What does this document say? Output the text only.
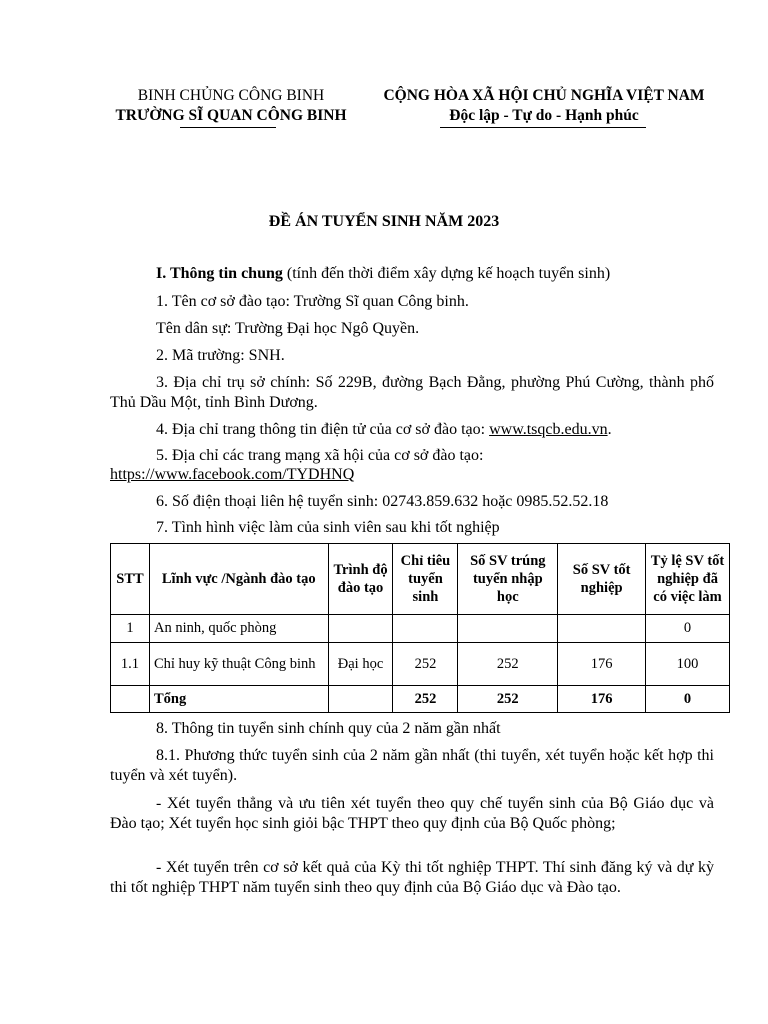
BINH CHỦNG CÔNG BINH
TRƯỜNG SĨ QUAN CÔNG BINH
CỘNG HÒA XÃ HỘI CHỦ NGHĨA VIỆT NAM
Độc lập - Tự do - Hạnh phúc
ĐỀ ÁN TUYỂN SINH NĂM 2023
I. Thông tin chung (tính đến thời điểm xây dựng kế hoạch tuyển sinh)
1. Tên cơ sở đào tạo: Trường Sĩ quan Công binh.
Tên dân sự: Trường Đại học Ngô Quyền.
2. Mã trường: SNH.
3. Địa chỉ trụ sở chính: Số 229B, đường Bạch Đằng, phường Phú Cường, thành phố Thủ Dầu Một, tỉnh Bình Dương.
4. Địa chỉ trang thông tin điện tử của cơ sở đào tạo: www.tsqcb.edu.vn.
5. Địa chỉ các trang mạng xã hội của cơ sở đào tạo:
https://www.facebook.com/TYDHNQ
6. Số điện thoại liên hệ tuyển sinh: 02743.859.632 hoặc 0985.52.52.18
7. Tình hình việc làm của sinh viên sau khi tốt nghiệp
STT	Lĩnh vực /Ngành đào tạo	Trình độ đào tạo	Chỉ tiêu tuyển sinh	Số SV trúng tuyển nhập học	Số SV tốt nghiệp	Tỷ lệ SV tốt nghiệp đã có việc làm
1	An ninh, quốc phòng					0
1.1	Chỉ huy kỹ thuật Công binh	Đại học	252	252	176	100
	Tổng		252	252	176	0
8. Thông tin tuyển sinh chính quy của 2 năm gần nhất
8.1. Phương thức tuyển sinh của 2 năm gần nhất (thi tuyển, xét tuyển hoặc kết hợp thi tuyển và xét tuyển).
- Xét tuyển thẳng và ưu tiên xét tuyển theo quy chế tuyển sinh của Bộ Giáo dục và Đào tạo; Xét tuyển học sinh giỏi bậc THPT theo quy định của Bộ Quốc phòng;
- Xét tuyển trên cơ sở kết quả của Kỳ thi tốt nghiệp THPT. Thí sinh đăng ký và dự kỳ thi tốt nghiệp THPT năm tuyển sinh theo quy định của Bộ Giáo dục và Đào tạo.
